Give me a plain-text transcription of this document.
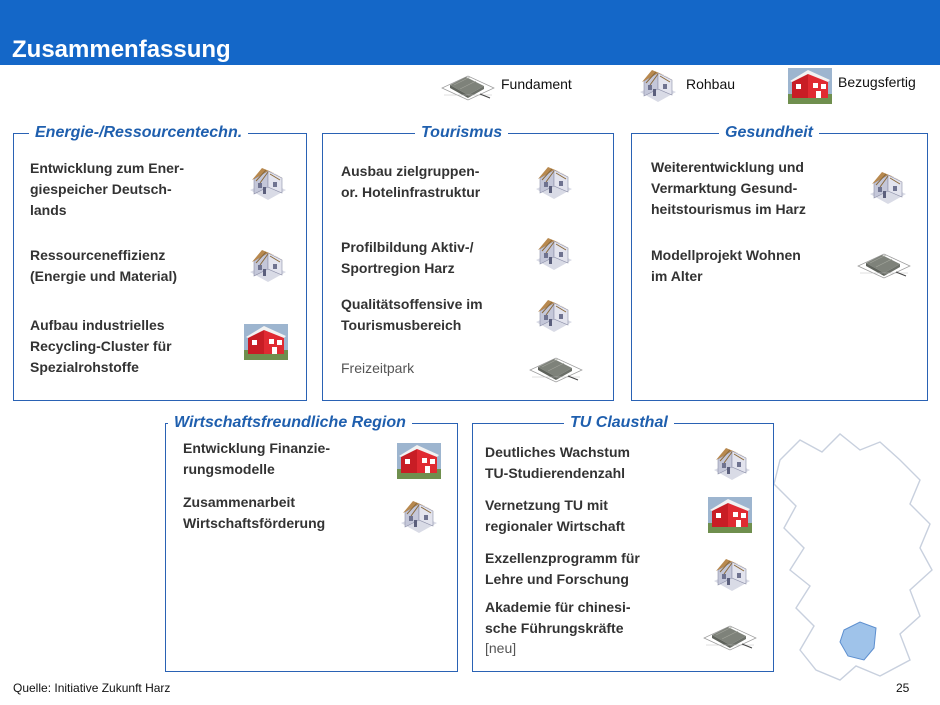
Zusammenfassung
Fundament	Rohbau	Bezugsfertig
Energie-/Ressourcentechn.
Entwicklung zum Ener-
giespeicher Deutsch-
lands
Ressourceneffizienz
(Energie und Material)
Aufbau industrielles
Recycling-Cluster für
Spezialrohstoffe
Tourismus
Ausbau zielgruppen-
or. Hotelinfrastruktur
Profilbildung Aktiv-/
Sportregion Harz
Qualitätsoffensive im
Tourismusbereich
Freizeitpark
Gesundheit
Weiterentwicklung und
Vermarktung Gesund-
heitstourismus im Harz
Modellprojekt Wohnen
im Alter
Wirtschaftsfreundliche Region
Entwicklung Finanzie-
rungsmodelle
Zusammenarbeit
Wirtschaftsförderung
TU Clausthal
Deutliches Wachstum
TU-Studierendenzahl
Vernetzung TU mit
regionaler Wirtschaft
Exzellenzprogramm für
Lehre und Forschung
Akademie für chinesi-
sche Führungskräfte
[neu]
Quelle: Initiative Zukunft Harz	25
